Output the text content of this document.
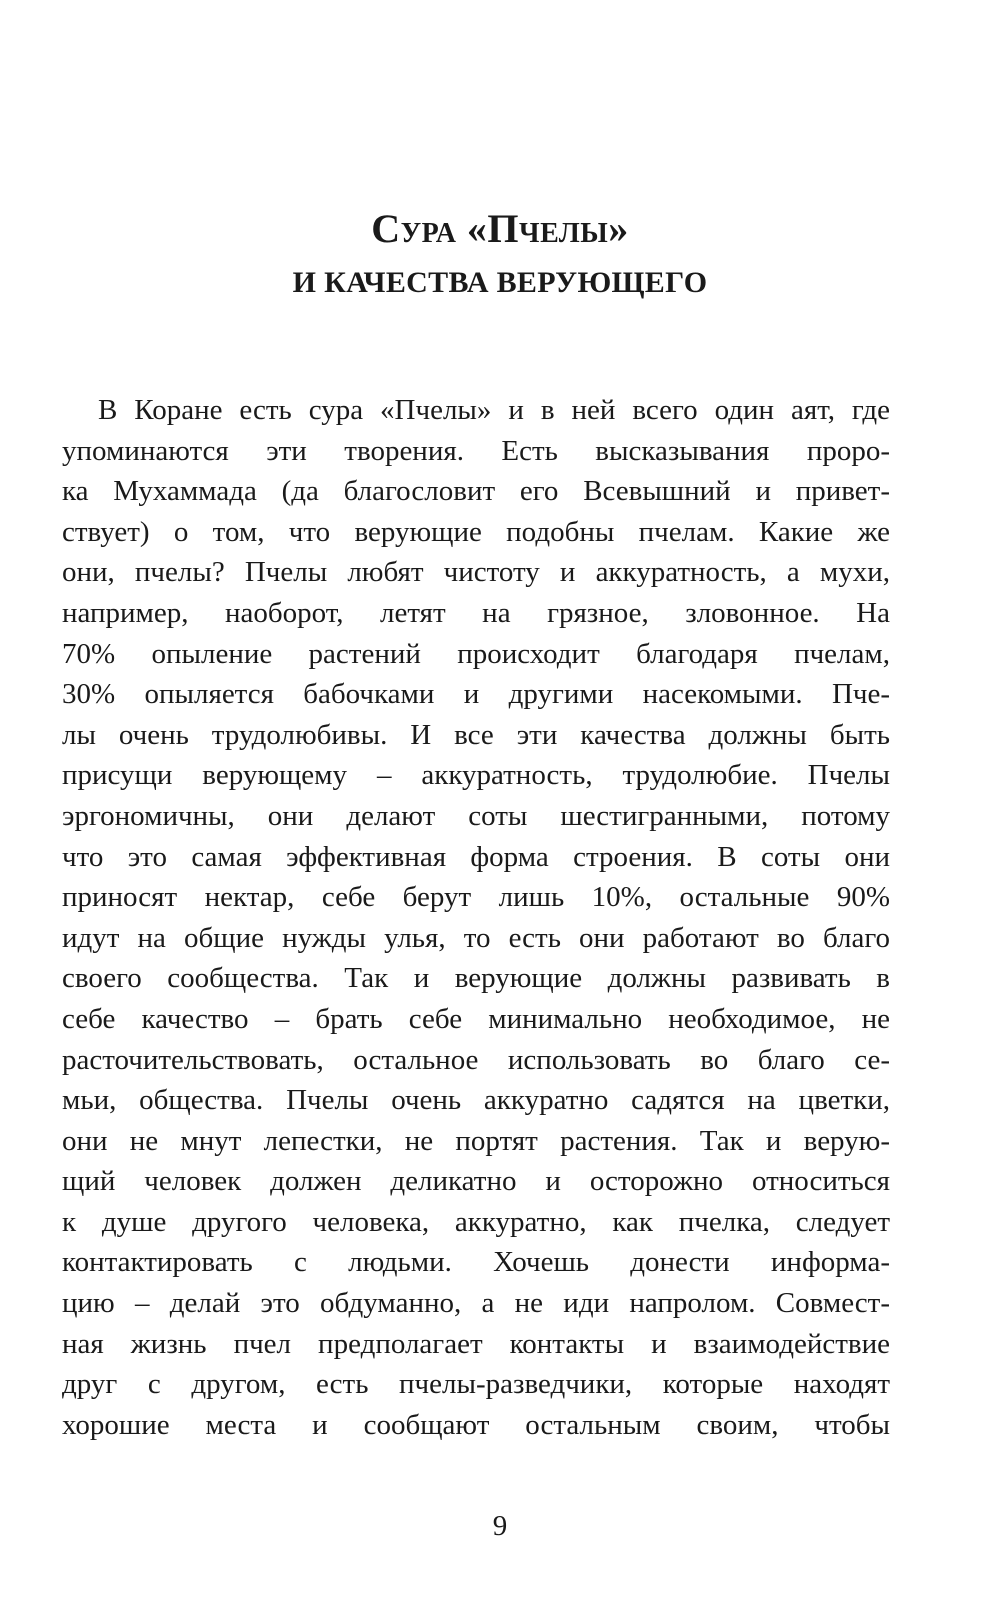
Сура «Пчелы»
И КАЧЕСТВА ВЕРУЮЩЕГО
В Коране есть сура «Пчелы» и в ней всего один аят, где
упоминаются эти творения. Есть высказывания проро-
ка Мухаммада (да благословит его Всевышний и привет-
ствует) о том, что верующие подобны пчелам. Какие же
они, пчелы? Пчелы любят чистоту и аккуратность, а мухи,
например, наоборот, летят на грязное, зловонное. На
70% опыление растений происходит благодаря пчелам,
30% опыляется бабочками и другими насекомыми. Пче-
лы очень трудолюбивы. И все эти качества должны быть
присущи верующему – аккуратность, трудолюбие. Пчелы
эргономичны, они делают соты шестигранными, потому
что это самая эффективная форма строения. В соты они
приносят нектар, себе берут лишь 10%, остальные 90%
идут на общие нужды улья, то есть они работают во благо
своего сообщества. Так и верующие должны развивать в
себе качество – брать себе минимально необходимое, не
расточительствовать, остальное использовать во благо се-
мьи, общества. Пчелы очень аккуратно садятся на цветки,
они не мнут лепестки, не портят растения. Так и верую-
щий человек должен деликатно и осторожно относиться
к душе другого человека, аккуратно, как пчелка, следует
контактировать с людьми. Хочешь донести информа-
цию – делай это обдуманно, а не иди напролом. Совмест-
ная жизнь пчел предполагает контакты и взаимодействие
друг с другом, есть пчелы-разведчики, которые находят
хорошие места и сообщают остальным своим, чтобы
9
